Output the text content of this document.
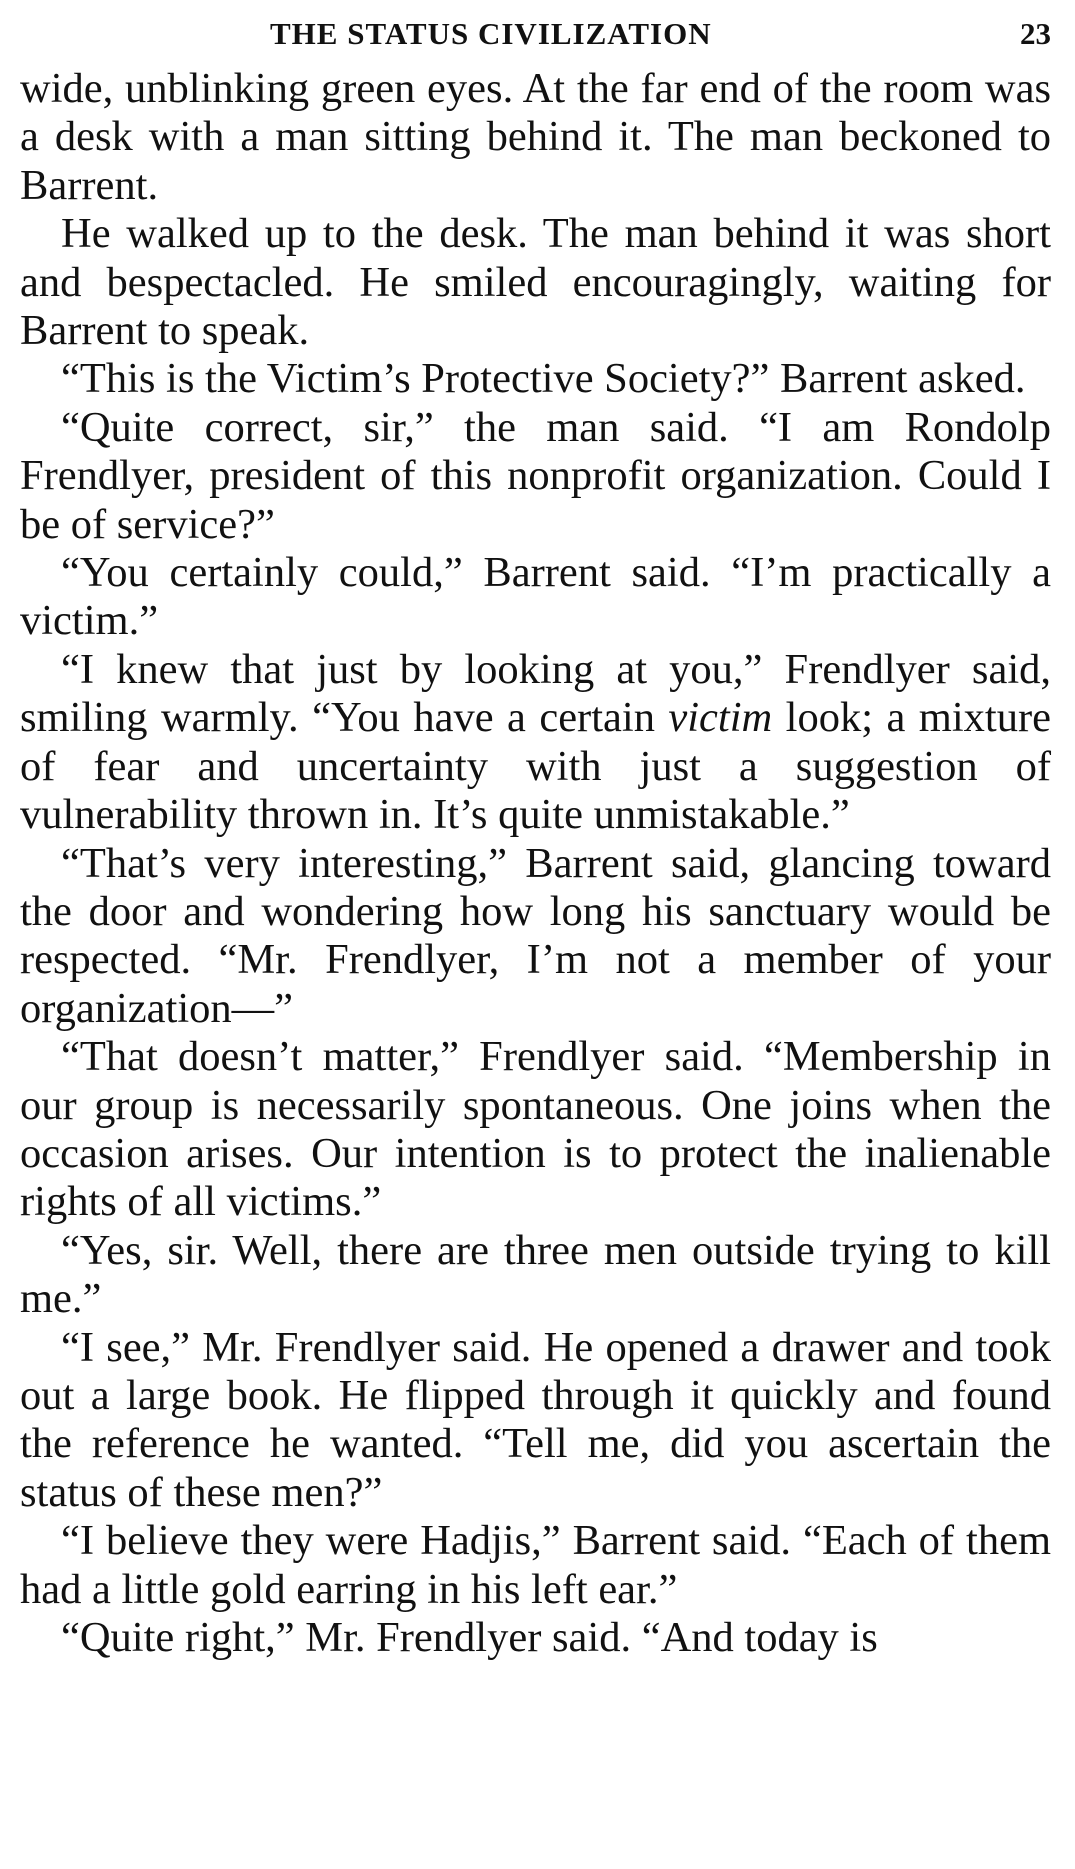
THE STATUS CIVILIZATION	23

wide, unblinking green eyes. At the far end of the room was a desk with a man sitting behind it. The man beckoned to Barrent.

He walked up to the desk. The man behind it was short and bespectacled. He smiled encouragingly, waiting for Barrent to speak.

“This is the Victim’s Protective Society?” Barrent asked.

“Quite correct, sir,” the man said. “I am Rondolp Frendlyer, president of this nonprofit organization. Could I be of service?”

“You certainly could,” Barrent said. “I’m practically a victim.”

“I knew that just by looking at you,” Frendlyer said, smiling warmly. “You have a certain victim look; a mixture of fear and uncertainty with just a suggestion of vulnerability thrown in. It’s quite unmistakable.”

“That’s very interesting,” Barrent said, glancing toward the door and wondering how long his sanctuary would be respected. “Mr. Frendlyer, I’m not a member of your organization—”

“That doesn’t matter,” Frendlyer said. “Membership in our group is necessarily spontaneous. One joins when the occasion arises. Our intention is to protect the inalienable rights of all victims.”

“Yes, sir. Well, there are three men outside trying to kill me.”

“I see,” Mr. Frendlyer said. He opened a drawer and took out a large book. He flipped through it quickly and found the reference he wanted. “Tell me, did you ascertain the status of these men?”

“I believe they were Hadjis,” Barrent said. “Each of them had a little gold earring in his left ear.”

“Quite right,” Mr. Frendlyer said. “And today is
